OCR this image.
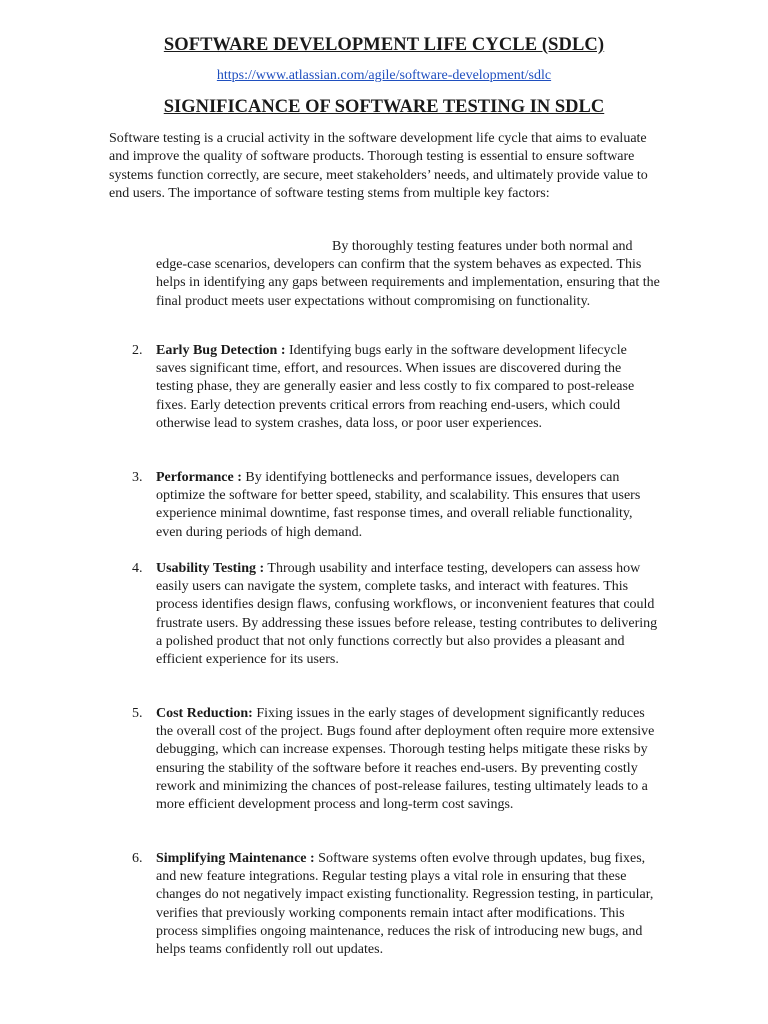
SOFTWARE DEVELOPMENT LIFE CYCLE (SDLC)
https://www.atlassian.com/agile/software-development/sdlc
SIGNIFICANCE OF SOFTWARE TESTING IN SDLC

Software testing is a crucial activity in the software development life cycle that aims to evaluate and improve the quality of software products. Thorough testing is essential to ensure software systems function correctly, are secure, meet stakeholders’ needs, and ultimately provide value to end users. The importance of software testing stems from multiple key factors:

By thoroughly testing features under both normal and edge-case scenarios, developers can confirm that the system behaves as expected. This helps in identifying any gaps between requirements and implementation, ensuring that the final product meets user expectations without compromising on functionality.
2. Early Bug Detection : Identifying bugs early in the software development lifecycle saves significant time, effort, and resources. When issues are discovered during the testing phase, they are generally easier and less costly to fix compared to post-release fixes. Early detection prevents critical errors from reaching end-users, which could otherwise lead to system crashes, data loss, or poor user experiences.
3. Performance : By identifying bottlenecks and performance issues, developers can optimize the software for better speed, stability, and scalability. This ensures that users experience minimal downtime, fast response times, and overall reliable functionality, even during periods of high demand.
4. Usability Testing : Through usability and interface testing, developers can assess how easily users can navigate the system, complete tasks, and interact with features. This process identifies design flaws, confusing workflows, or inconvenient features that could frustrate users. By addressing these issues before release, testing contributes to delivering a polished product that not only functions correctly but also provides a pleasant and efficient experience for its users.
5. Cost Reduction: Fixing issues in the early stages of development significantly reduces the overall cost of the project. Bugs found after deployment often require more extensive debugging, which can increase expenses. Thorough testing helps mitigate these risks by ensuring the stability of the software before it reaches end-users. By preventing costly rework and minimizing the chances of post-release failures, testing ultimately leads to a more efficient development process and long-term cost savings.
6. Simplifying Maintenance : Software systems often evolve through updates, bug fixes, and new feature integrations. Regular testing plays a vital role in ensuring that these changes do not negatively impact existing functionality. Regression testing, in particular, verifies that previously working components remain intact after modifications. This process simplifies ongoing maintenance, reduces the risk of introducing new bugs, and helps teams confidently roll out updates.
